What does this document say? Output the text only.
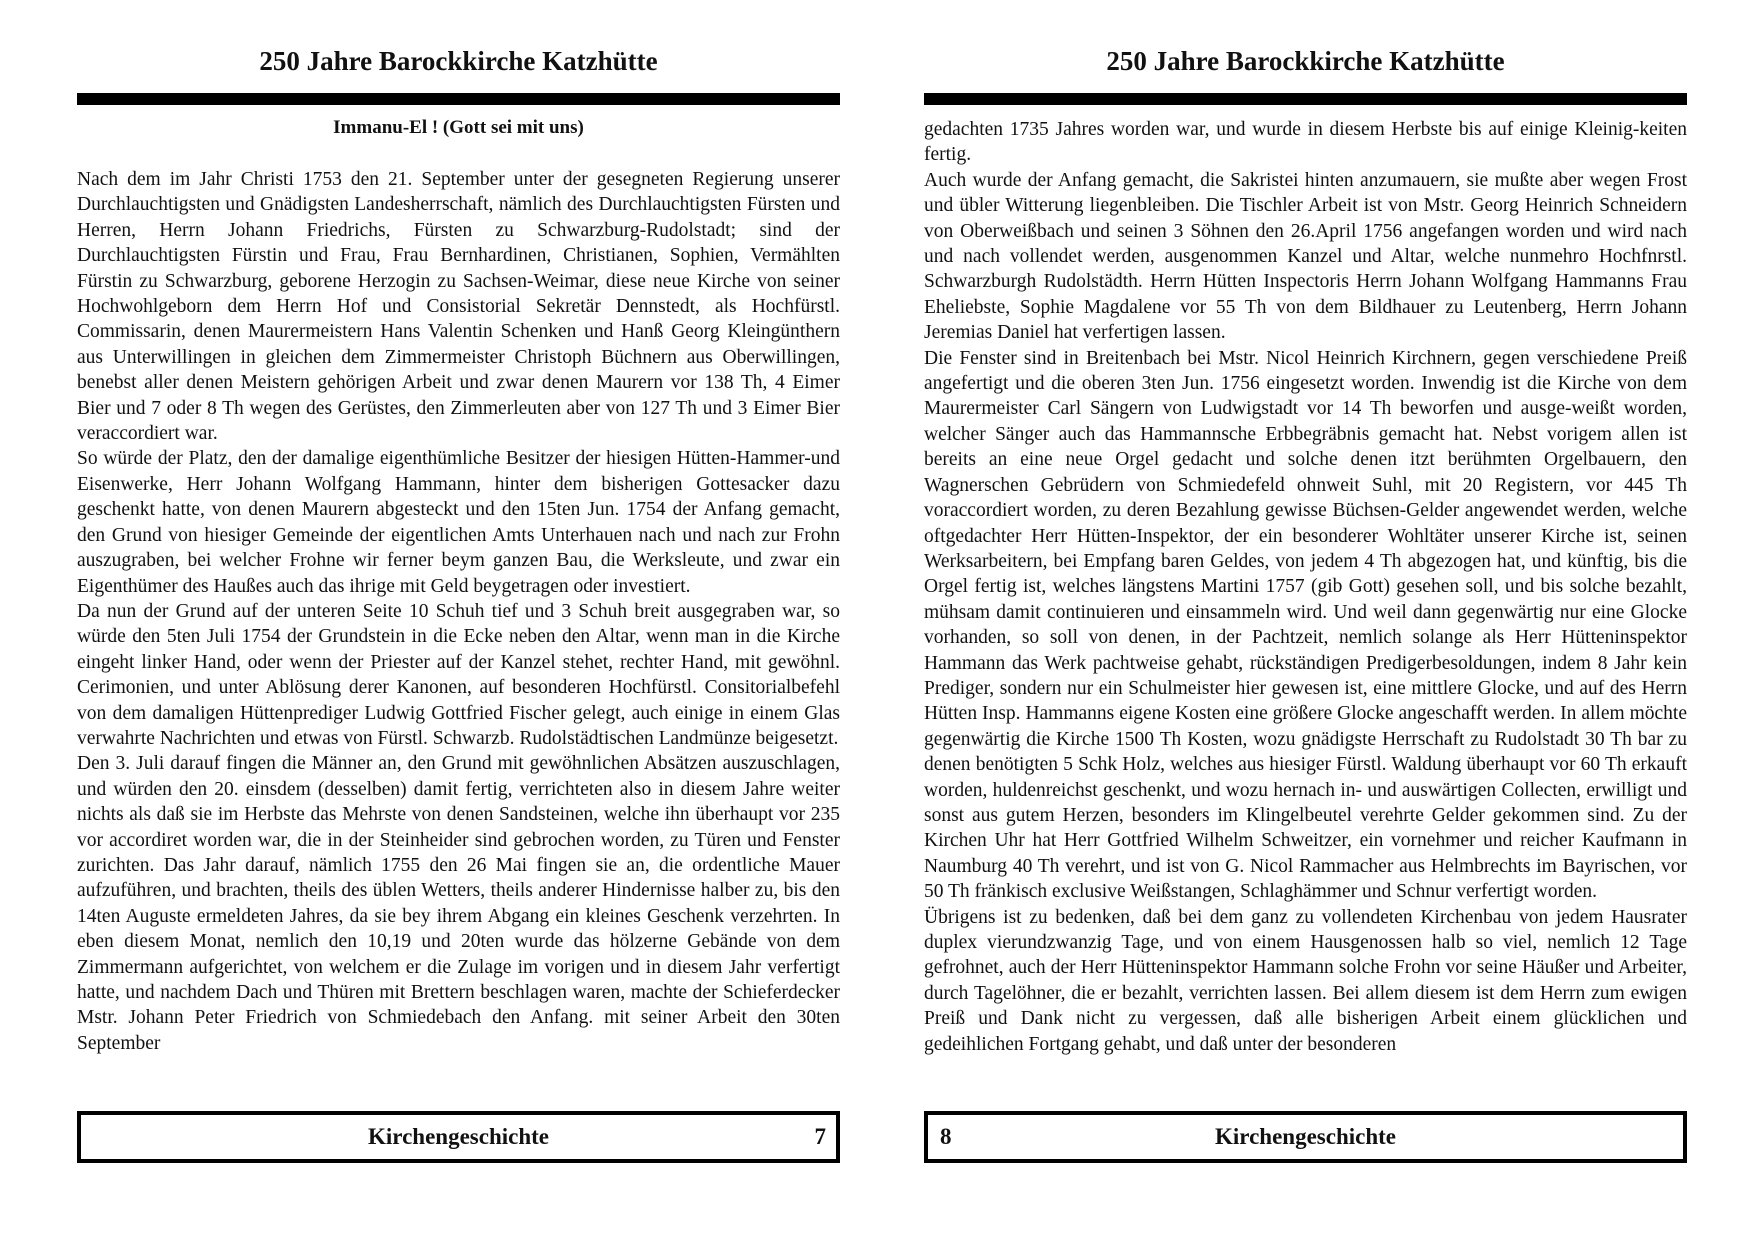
250 Jahre Barockkirche Katzhütte
Immanu-El ! (Gott sei mit uns)

Nach dem im Jahr Christi 1753 den 21. September unter der gesegneten Regierung unserer Durchlauchtigsten und Gnädigsten Landesherrschaft, nämlich des Durchlauchtigsten Fürsten und Herren, Herrn Johann Friedrichs, Fürsten zu Schwarzburg-Rudolstadt; sind der Durchlauchtigsten Fürstin und Frau, Frau Bernhardinen, Christianen, Sophien, Vermählten Fürstin zu Schwarzburg, geborene Herzogin zu Sachsen-Weimar, diese neue Kirche von seiner Hochwohlgeborn dem Herrn Hof und Consistorial Sekretär Dennstedt, als Hochfürstl. Commissarin, denen Maurermeistern Hans Valentin Schenken und Hanß Georg Kleingünthern aus Unterwillingen in gleichen dem Zimmermeister Christoph Büchnern aus Oberwillingen, benebst aller denen Meistern gehörigen Arbeit und zwar denen Maurern vor 138 Th, 4 Eimer Bier und 7 oder 8 Th wegen des Gerüstes, den Zimmerleuten aber von 127 Th und 3 Eimer Bier veraccordiert war.

So würde der Platz, den der damalige eigenthümliche Besitzer der hiesigen Hütten-Hammer-und Eisenwerke, Herr Johann Wolfgang Hammann, hinter dem bisherigen Gottesacker dazu geschenkt hatte, von denen Maurern abgesteckt und den 15ten Jun. 1754 der Anfang gemacht, den Grund von hiesiger Gemeinde der eigentlichen Amts Unterhauen nach und nach zur Frohn auszugraben, bei welcher Frohne wir ferner beym ganzen Bau, die Werksleute, und zwar ein Eigenthümer des Haußes auch das ihrige mit Geld beygetragen oder investiert.

Da nun der Grund auf der unteren Seite 10 Schuh tief und 3 Schuh breit ausgegraben war, so würde den 5ten Juli 1754 der Grundstein in die Ecke neben den Altar, wenn man in die Kirche eingeht linker Hand, oder wenn der Priester auf der Kanzel stehet, rechter Hand, mit gewöhnl. Cerimonien, und unter Ablösung derer Kanonen, auf besonderen Hochfürstl. Consitorialbefehl von dem damaligen Hüttenprediger Ludwig Gottfried Fischer gelegt, auch einige in einem Glas verwahrte Nachrichten und etwas von Fürstl. Schwarzb. Rudolstädtischen Landmünze beigesetzt.

Den 3. Juli darauf fingen die Männer an, den Grund mit gewöhnlichen Absätzen auszuschlagen, und würden den 20. einsdem (desselben) damit fertig, verrichteten also in diesem Jahre weiter nichts als daß sie im Herbste das Mehrste von denen Sandsteinen, welche ihn überhaupt vor 235 vor accordiret worden war, die in der Steinheider sind gebrochen worden, zu Türen und Fenster zurichten. Das Jahr darauf, nämlich 1755 den 26 Mai fingen sie an, die ordentliche Mauer aufzuführen, und brachten, theils des üblen Wetters, theils anderer Hindernisse halber zu, bis den 14ten Auguste ermeldeten Jahres, da sie bey ihrem Abgang ein kleines Geschenk verzehrten. In eben diesem Monat, nemlich den 10,19 und 20ten wurde das hölzerne Gebände von dem Zimmermann aufgerichtet, von welchem er die Zulage im vorigen und in diesem Jahr verfertigt hatte, und nachdem Dach und Thüren mit Brettern beschlagen waren, machte der Schieferdecker Mstr. Johann Peter Friedrich von Schmiedebach den Anfang. mit seiner Arbeit den 30ten September

Kirchengeschichte	7
250 Jahre Barockkirche Katzhütte

gedachten 1735 Jahres worden war, und wurde in diesem Herbste bis auf einige Kleinig-keiten fertig.

Auch wurde der Anfang gemacht, die Sakristei hinten anzumauern, sie mußte aber wegen Frost und übler Witterung liegenbleiben. Die Tischler Arbeit ist von Mstr. Georg Heinrich Schneidern von Oberweißbach und seinen 3 Söhnen den 26.April 1756 angefangen worden und wird nach und nach vollendet werden, ausgenommen Kanzel und Altar, welche nunmehro Hochfnrstl. Schwarzburgh Rudolstädth. Herrn Hütten Inspectoris Herrn Johann Wolfgang Hammanns Frau Eheliebste, Sophie Magdalene vor 55 Th von dem Bildhauer zu Leutenberg, Herrn Johann Jeremias Daniel hat verfertigen lassen.

Die Fenster sind in Breitenbach bei Mstr. Nicol Heinrich Kirchnern, gegen verschiedene Preiß angefertigt und die oberen 3ten Jun. 1756 eingesetzt worden. Inwendig ist die Kirche von dem Maurermeister Carl Sängern von Ludwigstadt vor 14 Th beworfen und ausge-weißt worden, welcher Sänger auch das Hammannsche Erbbegräbnis gemacht hat. Nebst vorigem allen ist bereits an eine neue Orgel gedacht und solche denen itzt berühmten Orgelbauern, den Wagnerschen Gebrüdern von Schmiedefeld ohnweit Suhl, mit 20 Registern, vor 445 Th voraccordiert worden, zu deren Bezahlung gewisse Büchsen-Gelder angewendet werden, welche oftgedachter Herr Hütten-Inspektor, der ein besonderer Wohltäter unserer Kirche ist, seinen Werksarbeitern, bei Empfang baren Geldes, von jedem 4 Th abgezogen hat, und künftig, bis die Orgel fertig ist, welches längstens Martini 1757 (gib Gott) gesehen soll, und bis solche bezahlt, mühsam damit continuieren und einsammeln wird. Und weil dann gegenwärtig nur eine Glocke vorhanden, so soll von denen, in der Pachtzeit, nemlich solange als Herr Hütteninspektor Hammann das Werk pachtweise gehabt, rückständigen Predigerbesoldungen, indem 8 Jahr kein Prediger, sondern nur ein Schulmeister hier gewesen ist, eine mittlere Glocke, und auf des Herrn Hütten Insp. Hammanns eigene Kosten eine größere Glocke angeschafft werden. In allem möchte gegenwärtig die Kirche 1500 Th Kosten, wozu gnädigste Herrschaft zu Rudolstadt 30 Th bar zu denen benötigten 5 Schk Holz, welches aus hiesiger Fürstl. Waldung überhaupt vor 60 Th erkauft worden, huldenreichst geschenkt, und wozu hernach in- und auswärtigen Collecten, erwilligt und sonst aus gutem Herzen, besonders im Klingelbeutel verehrte Gelder gekommen sind. Zu der Kirchen Uhr hat Herr Gottfried Wilhelm Schweitzer, ein vornehmer und reicher Kaufmann in Naumburg 40 Th verehrt, und ist von G. Nicol Rammacher aus Helmbrechts im Bayrischen, vor 50 Th fränkisch exclusive Weißstangen, Schlaghämmer und Schnur verfertigt worden.

Übrigens ist zu bedenken, daß bei dem ganz zu vollendeten Kirchenbau von jedem Hausrater duplex vierundzwanzig Tage, und von einem Hausgenossen halb so viel, nemlich 12 Tage gefrohnet, auch der Herr Hütteninspektor Hammann solche Frohn vor seine Häußer und Arbeiter, durch Tagelöhner, die er bezahlt, verrichten lassen. Bei allem diesem ist dem Herrn zum ewigen Preiß und Dank nicht zu vergessen, daß alle bisherigen Arbeit einem glücklichen und gedeihlichen Fortgang gehabt, und daß unter der besonderen

8	Kirchengeschichte
